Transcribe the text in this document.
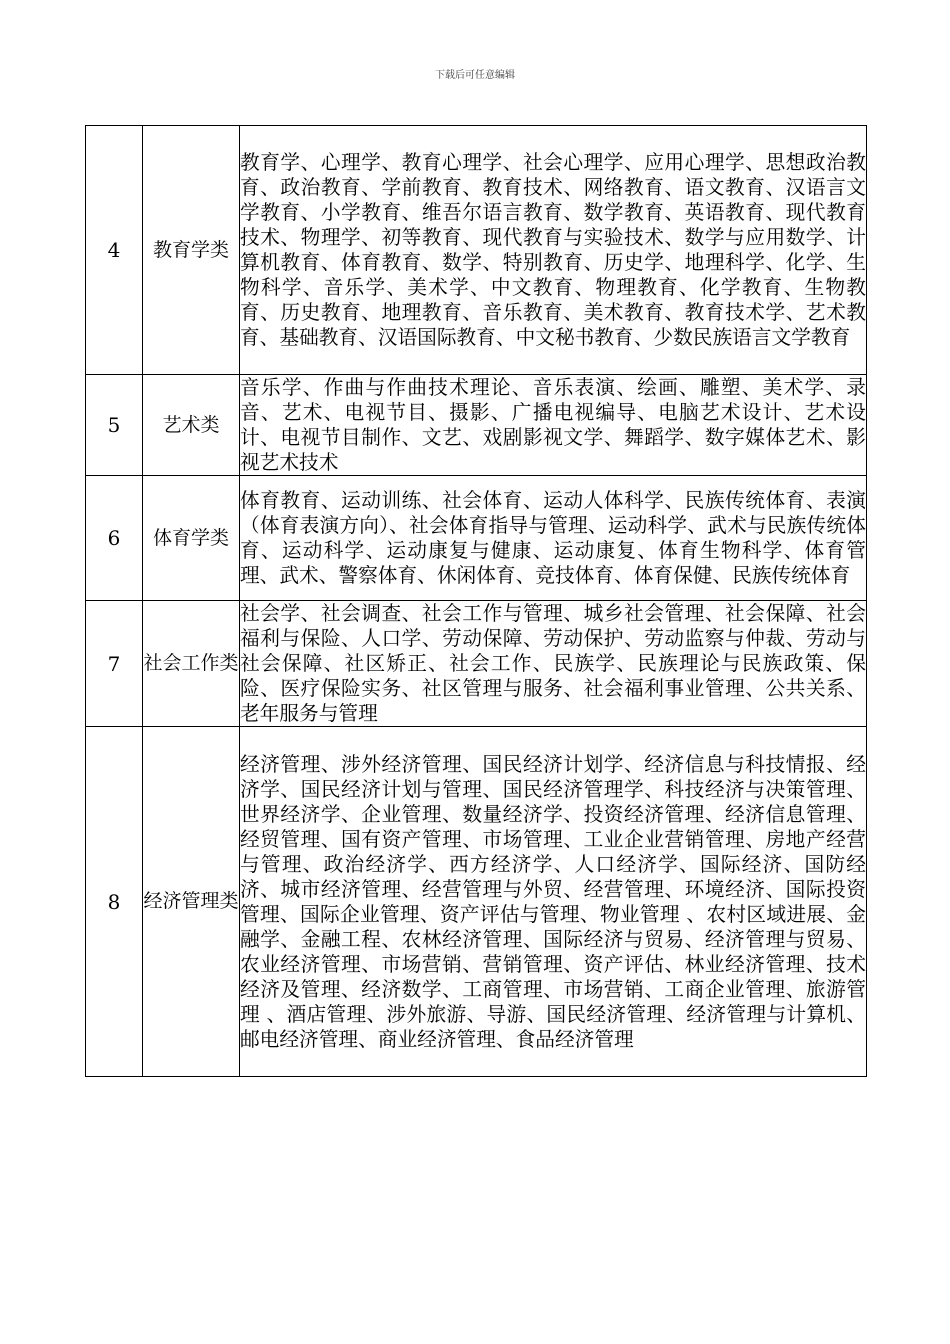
下载后可任意编辑
4	教育学类	教育学、心理学、教育心理学、社会心理学、应用心理学、思想政治教育、政治教育、学前教育、教育技术、网络教育、语文教育、汉语言文学教育、小学教育、维吾尔语言教育、数学教育、英语教育、现代教育技术、物理学、初等教育、现代教育与实验技术、数学与应用数学、计算机教育、体育教育、数学、特别教育、历史学、地理科学、化学、生物科学、音乐学、美术学、中文教育、物理教育、化学教育、生物教育、历史教育、地理教育、音乐教育、美术教育、教育技术学、艺术教育、基础教育、汉语国际教育、中文秘书教育、少数民族语言文学教育
5	艺术类	音乐学、作曲与作曲技术理论、音乐表演、绘画、雕塑、美术学、录音、艺术、电视节目、摄影、广播电视编导、电脑艺术设计、艺术设计、电视节目制作、文艺、戏剧影视文学、舞蹈学、数字媒体艺术、影视艺术技术
6	体育学类	体育教育、运动训练、社会体育、运动人体科学、民族传统体育、表演（体育表演方向）、社会体育指导与管理、运动科学、武术与民族传统体育、运动科学、运动康复与健康、运动康复、体育生物科学、体育管理、武术、警察体育、休闲体育、竞技体育、体育保健、民族传统体育
7	社会工作类	社会学、社会调查、社会工作与管理、城乡社会管理、社会保障、社会福利与保险、人口学、劳动保障、劳动保护、劳动监察与仲裁、劳动与社会保障、社区矫正、社会工作、民族学、民族理论与民族政策、保险、医疗保险实务、社区管理与服务、社会福利事业管理、公共关系、老年服务与管理
8	经济管理类	经济管理、涉外经济管理、国民经济计划学、经济信息与科技情报、经济学、国民经济计划与管理、国民经济管理学、科技经济与决策管理、世界经济学、企业管理、数量经济学、投资经济管理、经济信息管理、经贸管理、国有资产管理、市场管理、工业企业营销管理、房地产经营与管理、政治经济学、西方经济学、人口经济学、国际经济、国防经济、城市经济管理、经营管理与外贸、经营管理、环境经济、国际投资管理、国际企业管理、资产评估与管理、物业管理 、农村区域进展、金融学、金融工程、农林经济管理、国际经济与贸易、经济管理与贸易、农业经济管理、市场营销、营销管理、资产评估、林业经济管理、技术经济及管理、经济数学、工商管理、市场营销、工商企业管理、旅游管理 、酒店管理、涉外旅游、导游、国民经济管理、经济管理与计算机、邮电经济管理、商业经济管理、食品经济管理
